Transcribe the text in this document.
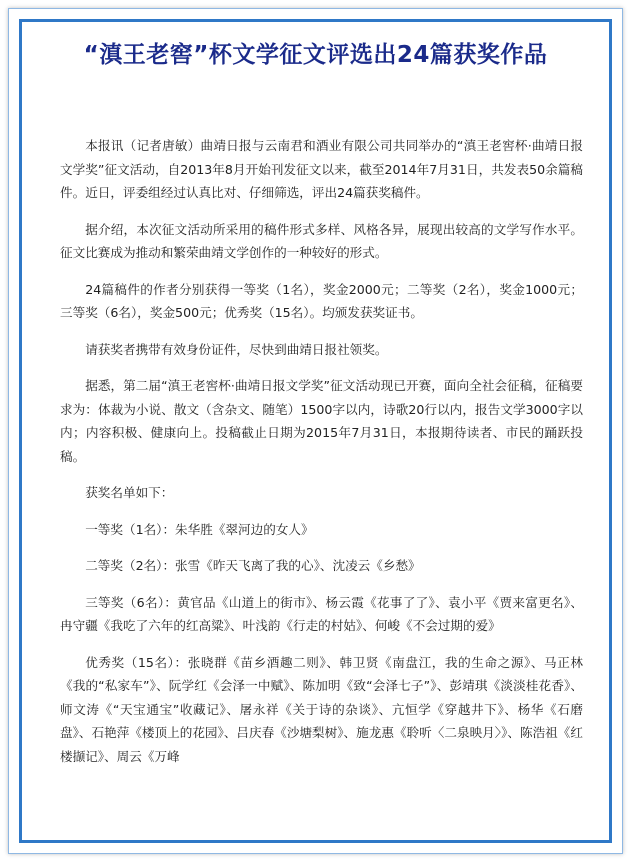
“滇王老窖”杯文学征文评选出24篇获奖作品

本报讯（记者唐敏）曲靖日报与云南君和酒业有限公司共同举办的“滇王老窖杯·曲靖日报文学奖”征文活动，自2013年8月开始刊发征文以来，截至2014年7月31日，共发表50余篇稿件。近日，评委组经过认真比对、仔细筛选，评出24篇获奖稿件。

据介绍，本次征文活动所采用的稿件形式多样、风格各异，展现出较高的文学写作水平。征文比赛成为推动和繁荣曲靖文学创作的一种较好的形式。

24篇稿件的作者分别获得一等奖（1名），奖金2000元；二等奖（2名），奖金1000元；三等奖（6名），奖金500元；优秀奖（15名）。均颁发获奖证书。

请获奖者携带有效身份证件，尽快到曲靖日报社领奖。

据悉，第二届“滇王老窖杯·曲靖日报文学奖”征文活动现已开赛，面向全社会征稿，征稿要求为：体裁为小说、散文（含杂文、随笔）1500字以内，诗歌20行以内，报告文学3000字以内；内容积极、健康向上。投稿截止日期为2015年7月31日，本报期待读者、市民的踊跃投稿。

获奖名单如下：

一等奖（1名）：朱华胜《翠河边的女人》

二等奖（2名）：张雪《昨天飞离了我的心》、沈凌云《乡愁》

三等奖（6名）：黄官品《山道上的街市》、杨云霞《花事了了》、袁小平《贾来富更名》、冉守疆《我吃了六年的红高粱》、叶浅韵《行走的村姑》、何峻《不会过期的爱》

优秀奖（15名）：张晓群《苗乡酒趣二则》、韩卫贤《南盘江，我的生命之源》、马正林《我的“私家车”》、阮学红《会泽一中赋》、陈加明《致“会泽七子”》、彭靖琪《淡淡桂花香》、师文涛《“天宝通宝”收藏记》、屠永祥《关于诗的杂谈》、亢恒学《穿越井下》、杨华《石磨盘》、石艳萍《楼顶上的花园》、吕庆春《沙塘梨树》、施龙惠《聆听〈二泉映月〉》、陈浩祖《红楼撷记》、周云《万峰
